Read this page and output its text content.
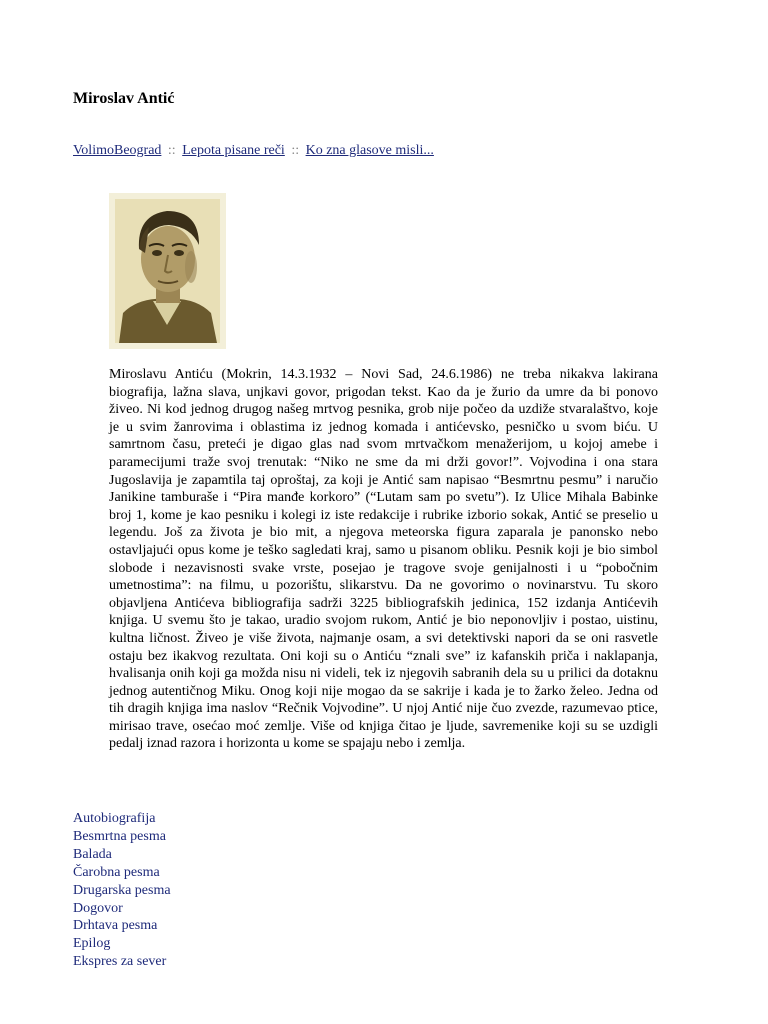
Miroslav Antić
VolimoBeograd :: Lepota pisane reči :: Ko zna glasove misli...

Miroslavu Antiću (Mokrin, 14.3.1932 – Novi Sad, 24.6.1986) ne treba nikakva lakirana biografija, lažna slava, unjkavi govor, prigodan tekst. Kao da je žurio da umre da bi ponovo živeo. Ni kod jednog drugog našeg mrtvog pesnika, grob nije počeo da uzdiže stvaralaštvo, koje je u svim žanrovima i oblastima iz jednog komada i antićevsko, pesničko u svom biću. U samrtnom času, preteći je digao glas nad svom mrtvačkom menažerijom, u kojoj amebe i paramecijumi traže svoj trenutak: “Niko ne sme da mi drži govor!”. Vojvodina i ona stara Jugoslavija je zapamtila taj oproštaj, za koji je Antić sam napisao “Besmrtnu pesmu” i naručio Janikine tamburaše i “Pira manđe korkoro” (“Lutam sam po svetu”). Iz Ulice Mihala Babinke broj 1, kome je kao pesniku i kolegi iz iste redakcije i rubrike izborio sokak, Antić se preselio u legendu. Još za života je bio mit, a njegova meteorska figura zaparala je panonsko nebo ostavljajući opus kome je teško sagledati kraj, samo u pisanom obliku. Pesnik koji je bio simbol slobode i nezavisnosti svake vrste, posejao je tragove svoje genijalnosti i u “pobočnim umetnostima”: na filmu, u pozorištu, slikarstvu. Da ne govorimo o novinarstvu. Tu skoro objavljena Antićeva bibliografija sadrži 3225 bibliografskih jedinica, 152 izdanja Antićevih knjiga. U svemu što je takao, uradio svojom rukom, Antić je bio neponovljiv i postao, uistinu, kultna ličnost. Živeo je više života, najmanje osam, a svi detektivski napori da se oni rasvetle ostaju bez ikakvog rezultata. Oni koji su o Antiću “znali sve” iz kafanskih priča i naklapanja, hvalisanja onih koji ga možda nisu ni videli, tek iz njegovih sabranih dela su u prilici da dotaknu jednog autentičnog Miku. Onog koji nije mogao da se sakrije i kada je to žarko želeo. Jedna od tih dragih knjiga ima naslov “Rečnik Vojvodine”. U njoj Antić nije čuo zvezde, razumevao ptice, mirisao trave, osećao moć zemlje. Više od knjiga čitao je ljude, savremenike koji su se uzdigli pedalj iznad razora i horizonta u kome se spajaju nebo i zemlja.

Autobiografija
Besmrtna pesma
Balada
Čarobna pesma
Drugarska pesma
Dogovor
Drhtava pesma
Epilog
Ekspres za sever
